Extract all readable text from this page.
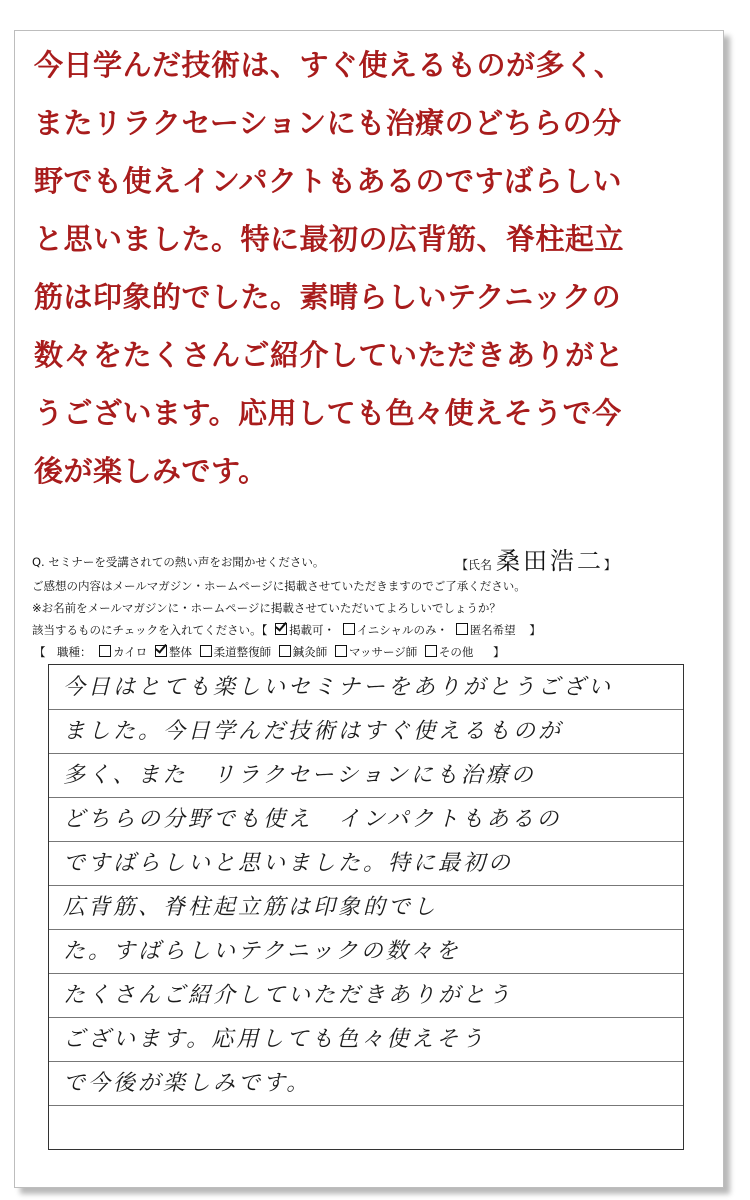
今日学んだ技術は、すぐ使えるものが多く、
またリラクセーションにも治療のどちらの分
野でも使えインパクトもあるのですばらしい
と思いました。特に最初の広背筋、脊柱起立
筋は印象的でした。素晴らしいテクニックの
数々をたくさんご紹介していただきありがと
うございます。応用しても色々使えそうで今
後が楽しみです。
Q. セミナーを受講されての熱い声をお聞かせください。	【氏名 桑田浩二】
ご感想の内容はメールマガジン・ホームページに掲載させていただきますのでご了承ください。
※お名前をメールマガジンに・ホームページに掲載させていただいてよろしいでしょうか？
該当するものにチェックを入れてください。【 掲載可・ イニシャルのみ・ 匿名希望 】
【　職種： カイロ 整体 柔道整復師 鍼灸師 マッサージ師 その他 】
今日はとても楽しいセミナーをありがとうござい
ました。今日学んだ技術はすぐ使えるものが
多く、また　リラクセーションにも治療の
どちらの分野でも使え　インパクトもあるの
ですばらしいと思いました。特に最初の
広背筋、脊柱起立筋は印象的でし
た。すばらしいテクニックの数々を
たくさんご紹介していただきありがとう
ございます。応用しても色々使えそう
で今後が楽しみです。
